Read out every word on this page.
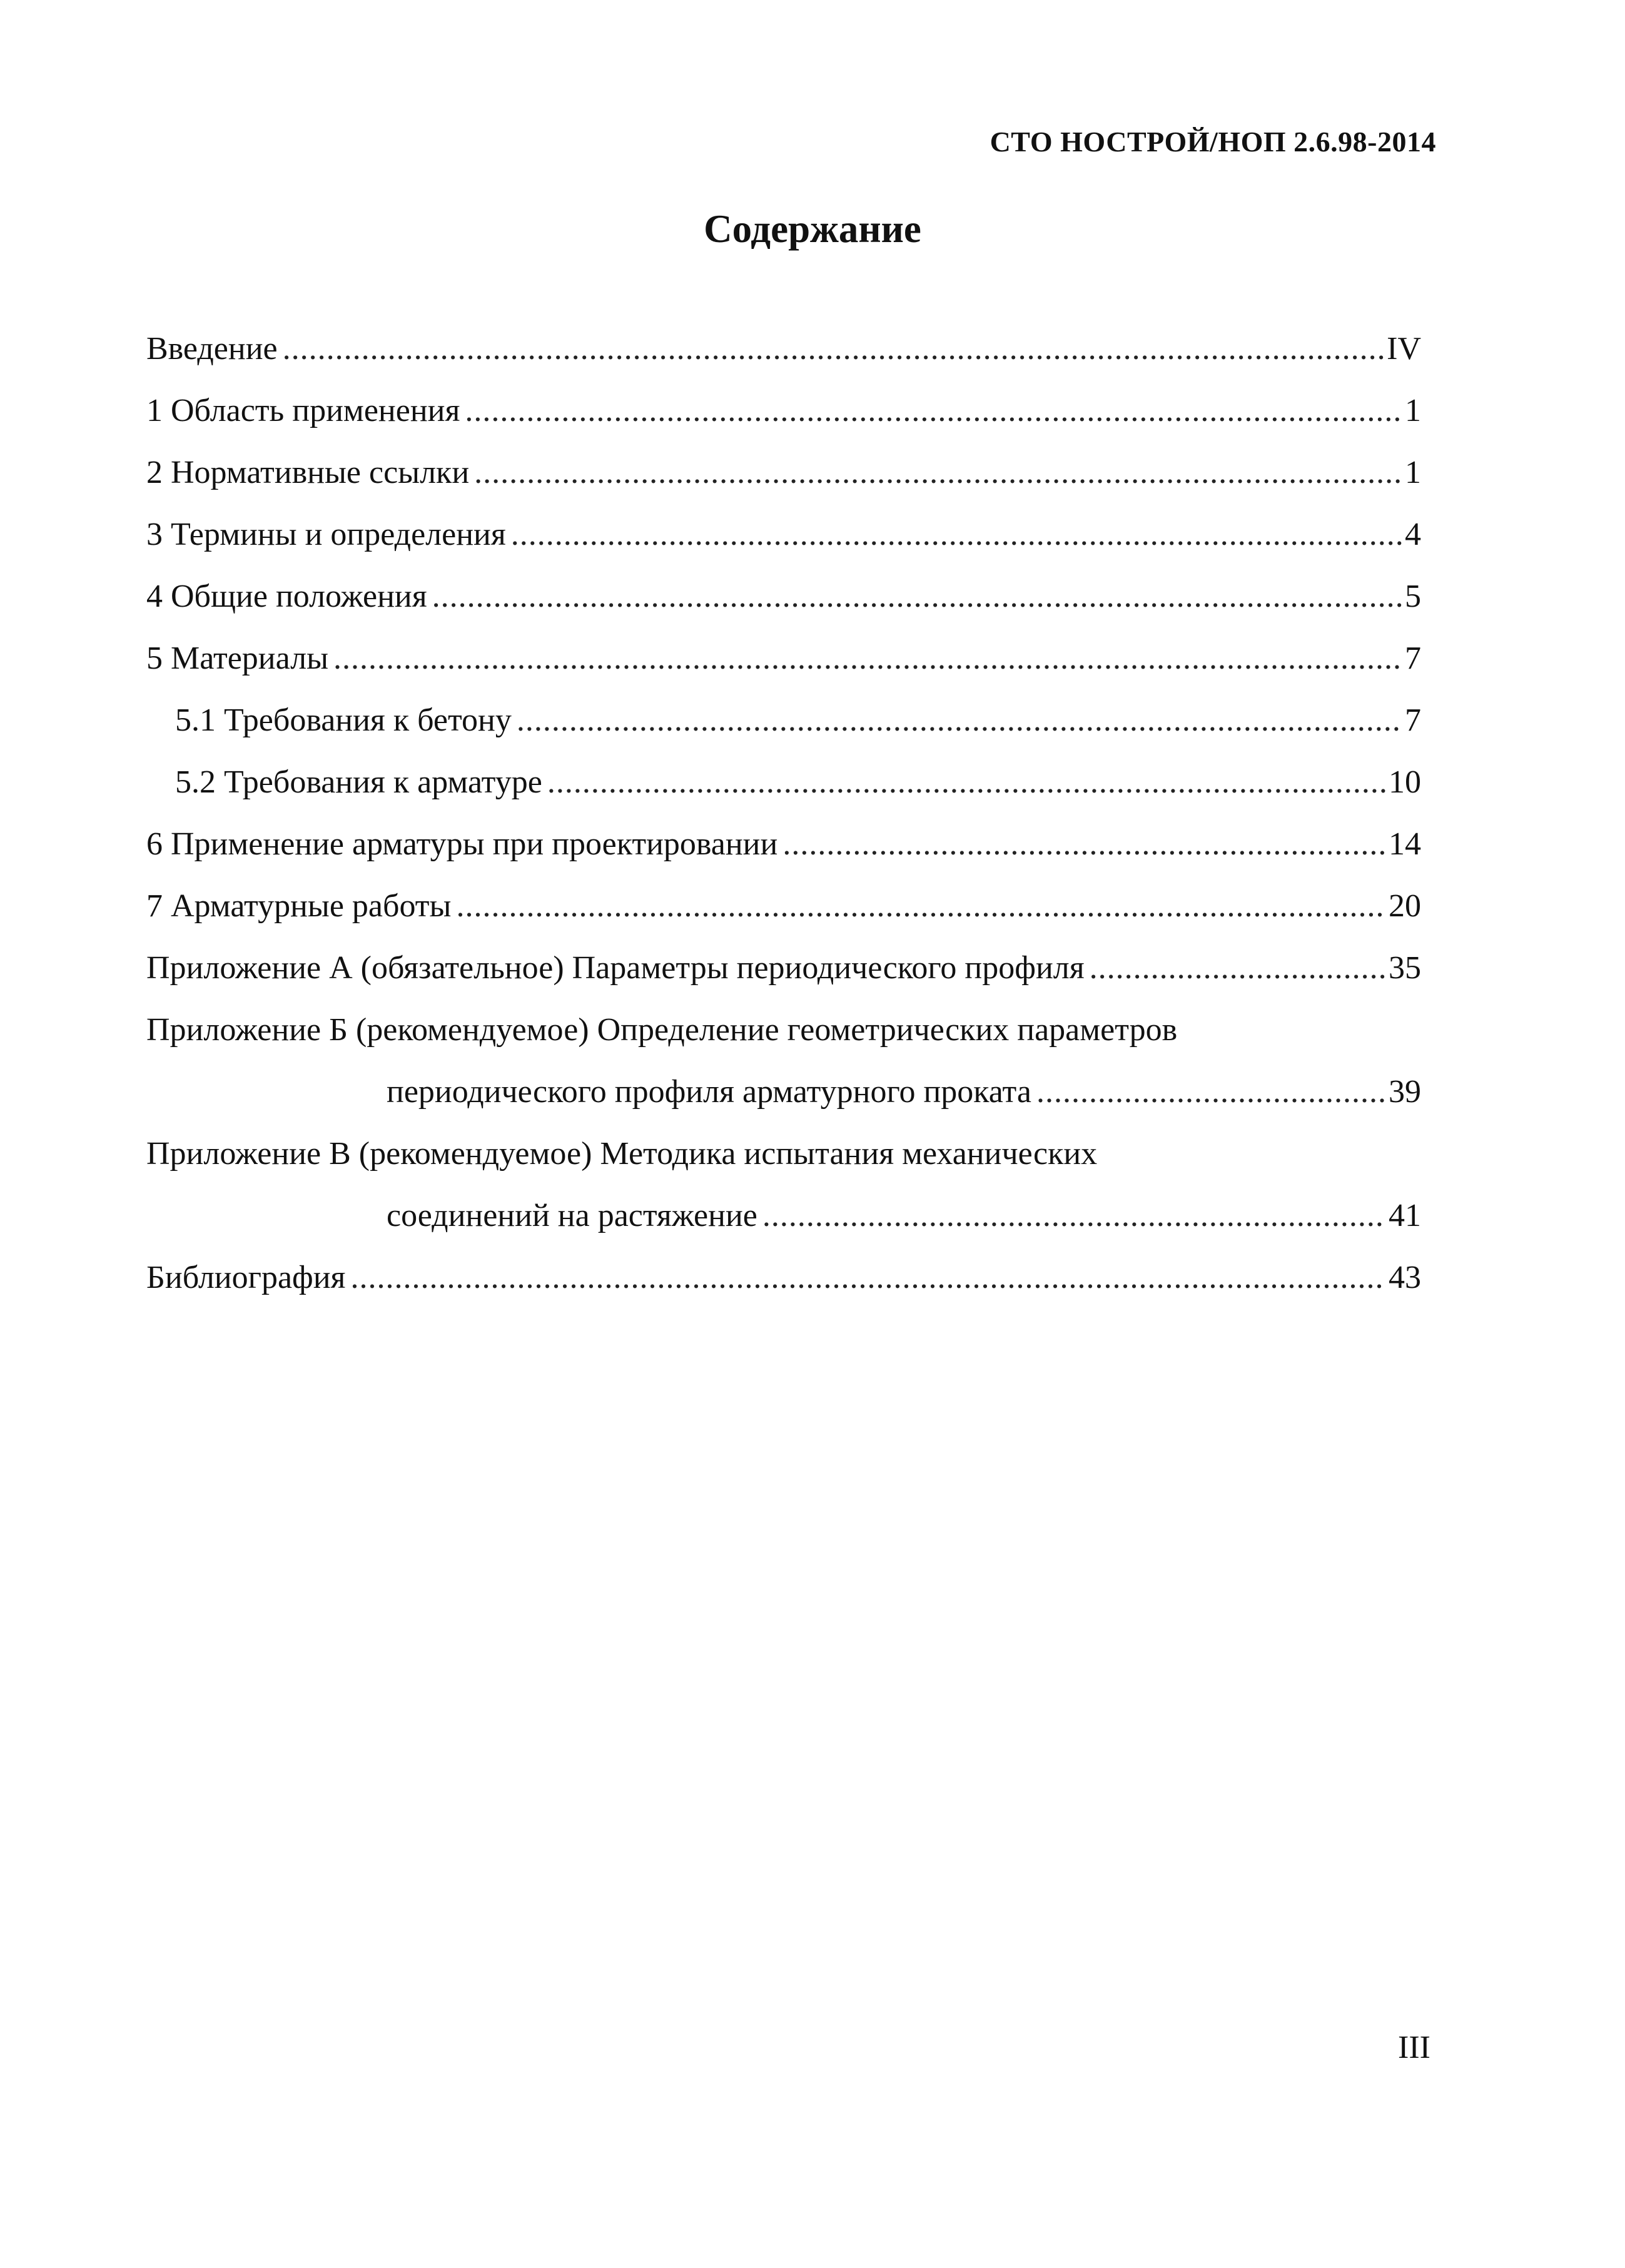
СТО НОСТРОЙ/НОП 2.6.98-2014
Содержание
Введение .....	IV
1 Область применения .....	1
2 Нормативные ссылки .....	1
3 Термины и определения .....	4
4 Общие положения .....	5
5 Материалы .....	7
5.1 Требования к бетону .....	7
5.2 Требования к арматуре .....	10
6 Применение арматуры при проектировании .....	14
7 Арматурные работы .....	20
Приложение А (обязательное) Параметры периодического профиля .....	35
Приложение Б (рекомендуемое) Определение геометрических параметров
периодического профиля арматурного проката .....	39
Приложение В (рекомендуемое) Методика испытания механических
соединений на растяжение .....	41
Библиография .....	43
III
